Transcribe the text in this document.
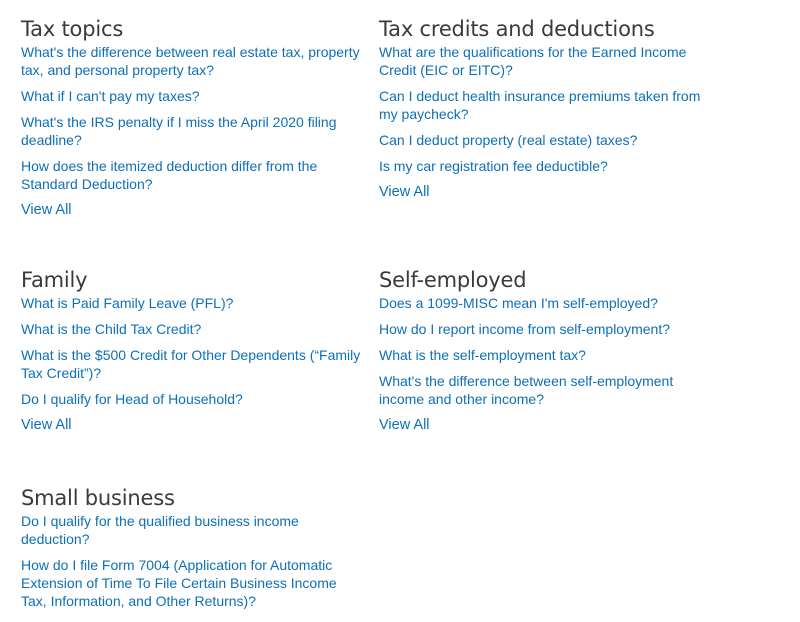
Tax topics
What's the difference between real estate tax, property tax, and personal property tax?
What if I can't pay my taxes?
What's the IRS penalty if I miss the April 2020 filing deadline?
How does the itemized deduction differ from the Standard Deduction?
View All
Tax credits and deductions
What are the qualifications for the Earned Income Credit (EIC or EITC)?
Can I deduct health insurance premiums taken from my paycheck?
Can I deduct property (real estate) taxes?
Is my car registration fee deductible?
View All
Family
What is Paid Family Leave (PFL)?
What is the Child Tax Credit?
What is the $500 Credit for Other Dependents (“Family Tax Credit”)?
Do I qualify for Head of Household?
View All
Self-employed
Does a 1099-MISC mean I'm self-employed?
How do I report income from self-employment?
What is the self-employment tax?
What's the difference between self-employment income and other income?
View All
Small business
Do I qualify for the qualified business income deduction?
How do I file Form 7004 (Application for Automatic Extension of Time To File Certain Business Income Tax, Information, and Other Returns)?
